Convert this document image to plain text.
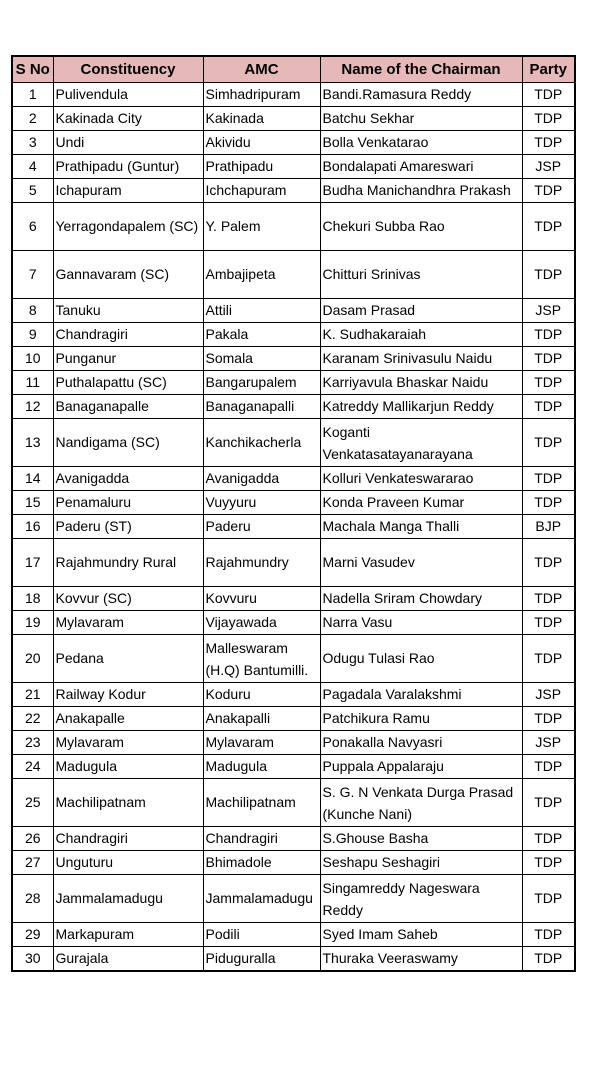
S No	Constituency	AMC	Name of the Chairman	Party
1	Pulivendula	Simhadripuram	Bandi.Ramasura Reddy	TDP
2	Kakinada City	Kakinada	Batchu Sekhar	TDP
3	Undi	Akividu	Bolla Venkatarao	TDP
4	Prathipadu (Guntur)	Prathipadu	Bondalapati Amareswari	JSP
5	Ichapuram	Ichchapuram	Budha Manichandhra Prakash	TDP
6	Yerragondapalem (SC)	Y. Palem	Chekuri Subba Rao	TDP
7	Gannavaram (SC)	Ambajipeta	Chitturi Srinivas	TDP
8	Tanuku	Attili	Dasam Prasad	JSP
9	Chandragiri	Pakala	K. Sudhakaraiah	TDP
10	Punganur	Somala	Karanam Srinivasulu Naidu	TDP
11	Puthalapattu (SC)	Bangarupalem	Karriyavula Bhaskar Naidu	TDP
12	Banaganapalle	Banaganapalli	Katreddy Mallikarjun Reddy	TDP
13	Nandigama (SC)	Kanchikacherla	Koganti Venkatasatayanarayana	TDP
14	Avanigadda	Avanigadda	Kolluri Venkateswararao	TDP
15	Penamaluru	Vuyyuru	Konda Praveen Kumar	TDP
16	Paderu (ST)	Paderu	Machala Manga Thalli	BJP
17	Rajahmundry Rural	Rajahmundry	Marni Vasudev	TDP
18	Kovvur (SC)	Kovvuru	Nadella Sriram Chowdary	TDP
19	Mylavaram	Vijayawada	Narra Vasu	TDP
20	Pedana	Malleswaram (H.Q) Bantumilli.	Odugu Tulasi Rao	TDP
21	Railway Kodur	Koduru	Pagadala Varalakshmi	JSP
22	Anakapalle	Anakapalli	Patchikura Ramu	TDP
23	Mylavaram	Mylavaram	Ponakalla Navyasri	JSP
24	Madugula	Madugula	Puppala Appalaraju	TDP
25	Machilipatnam	Machilipatnam	S. G. N Venkata Durga Prasad (Kunche Nani)	TDP
26	Chandragiri	Chandragiri	S.Ghouse Basha	TDP
27	Unguturu	Bhimadole	Seshapu Seshagiri	TDP
28	Jammalamadugu	Jammalamadugu	Singamreddy Nageswara Reddy	TDP
29	Markapuram	Podili	Syed Imam Saheb	TDP
30	Gurajala	Piduguralla	Thuraka Veeraswamy	TDP
